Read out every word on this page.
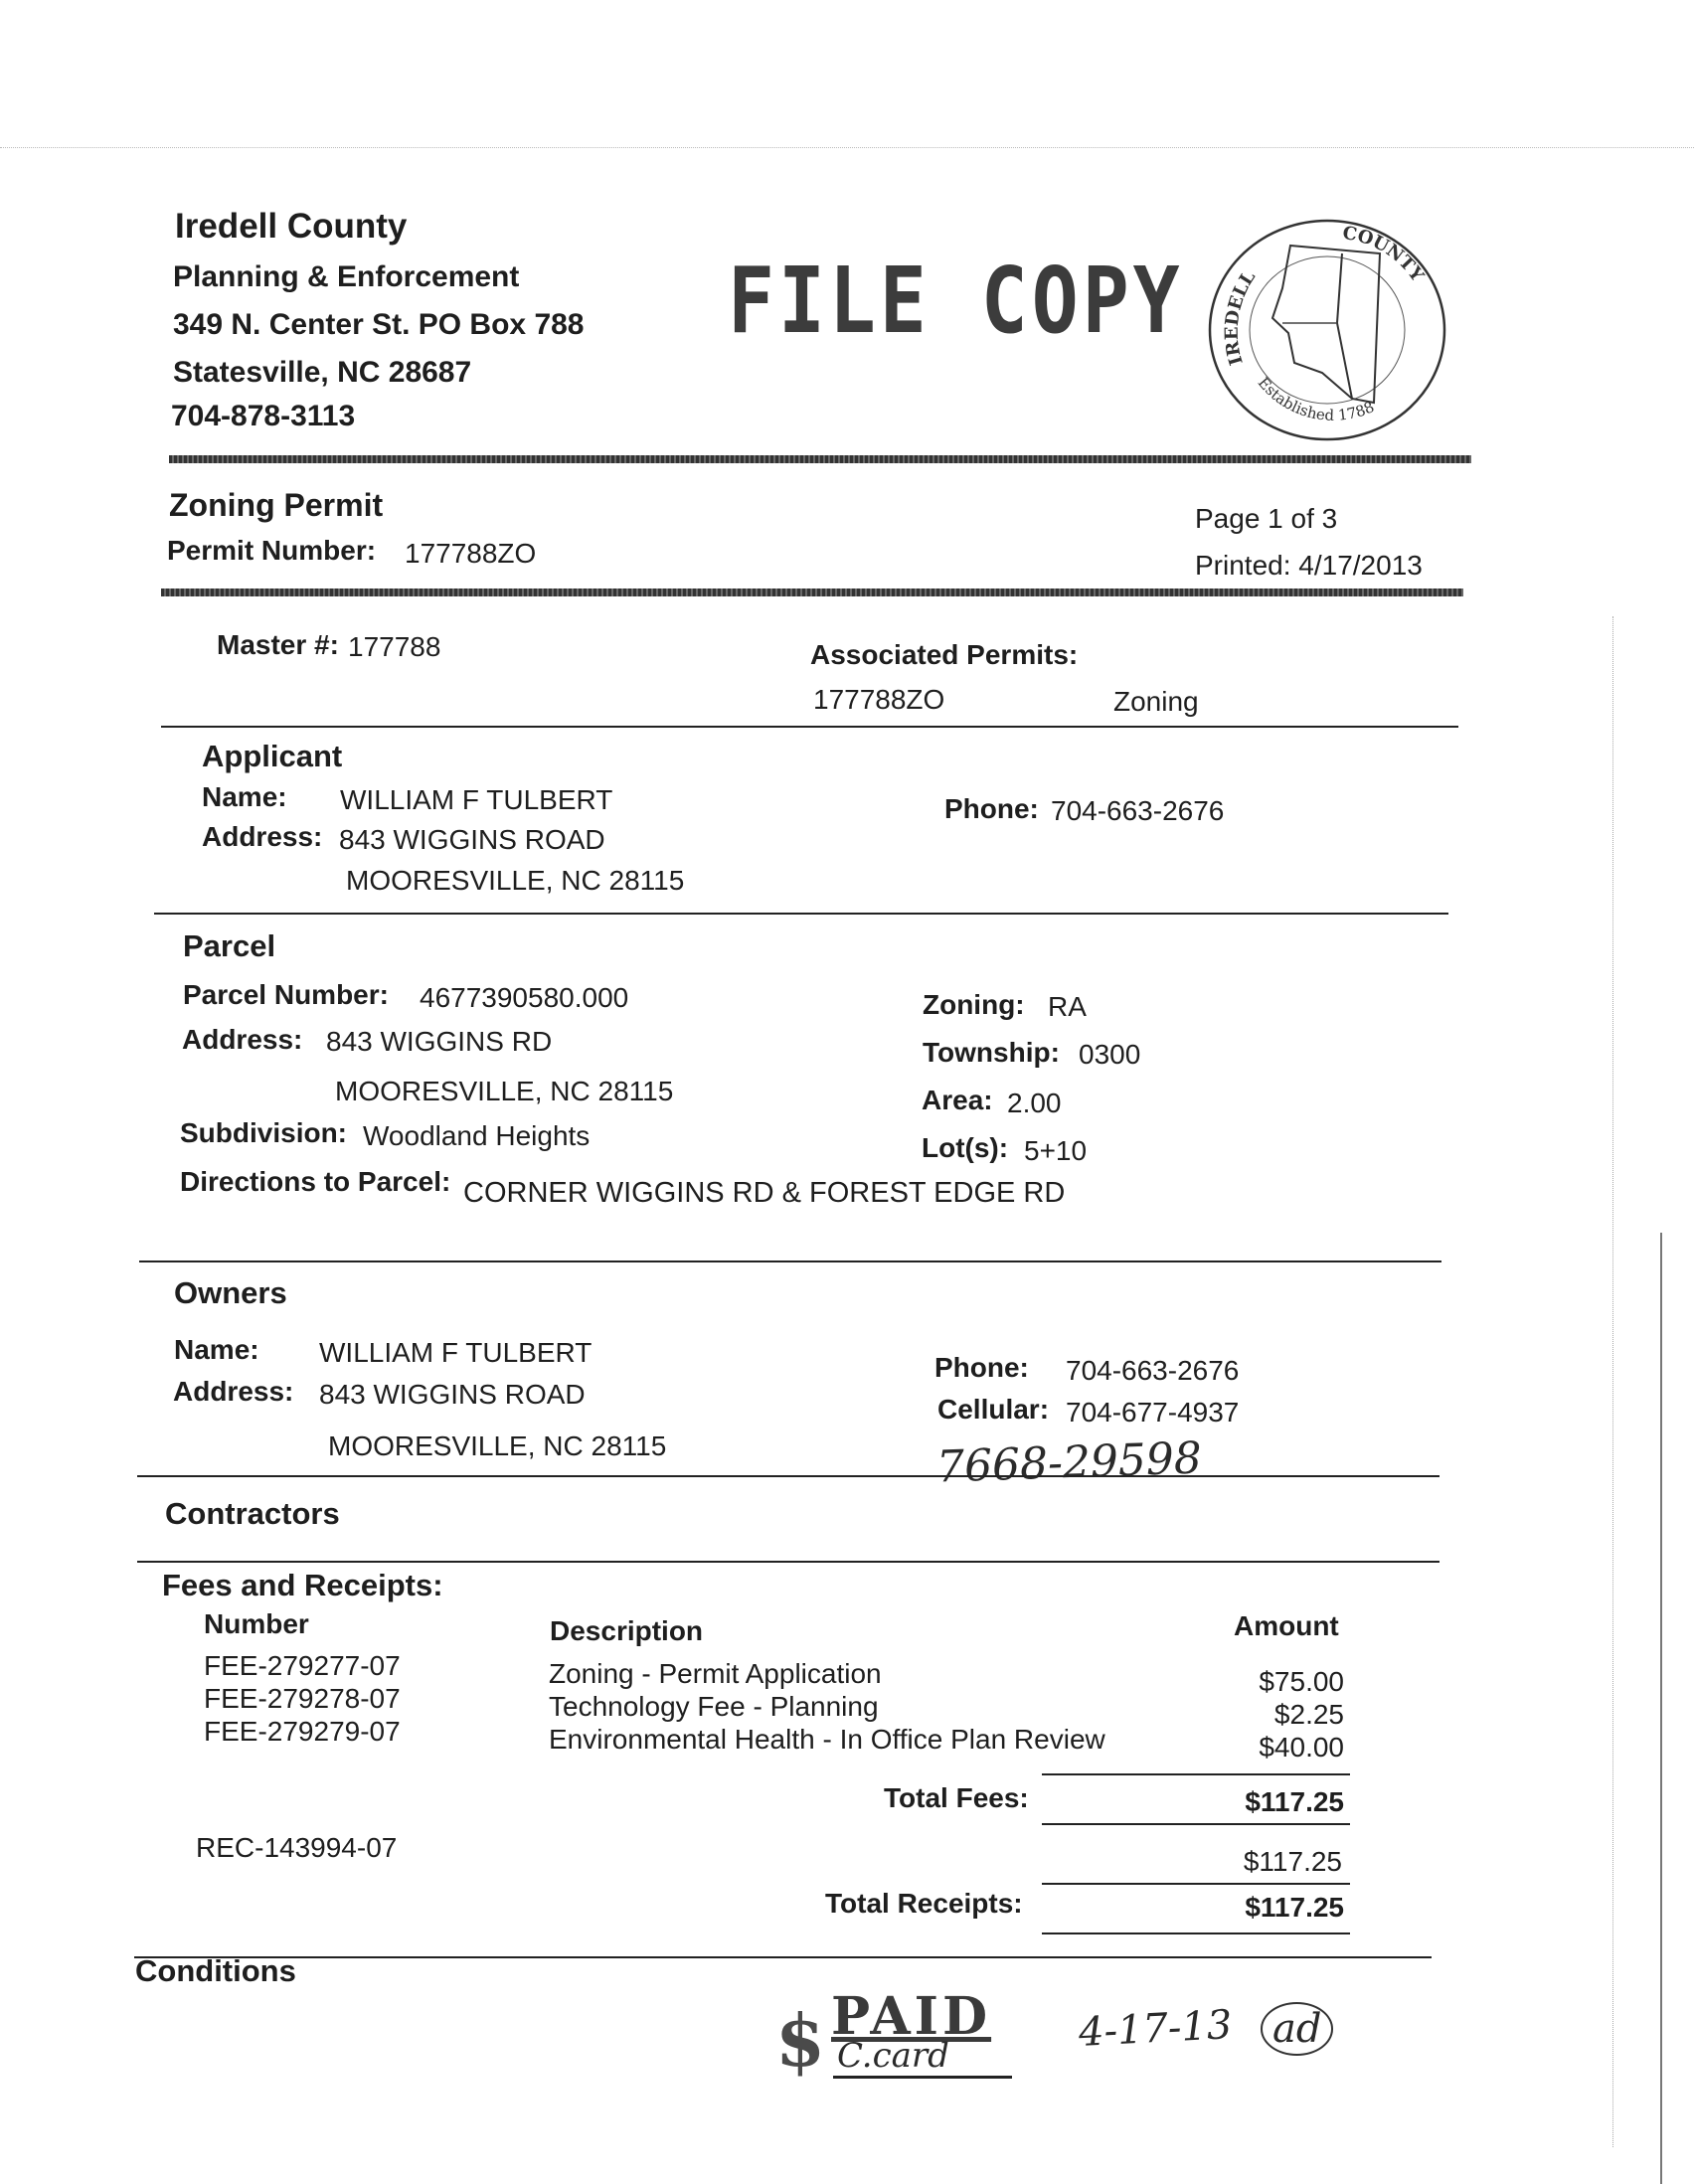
Iredell County
Planning & Enforcement
349 N. Center St. PO Box 788
Statesville, NC 28687
704-878-3113
FILE COPY
IREDELL
COUNTY
Established 1788
Zoning Permit
Permit Number: 177788ZO
Page 1 of 3
Printed: 4/17/2013
Master #: 177788	Associated Permits:
177788ZO	Zoning
Applicant
Name: WILLIAM F TULBERT
Address: 843 WIGGINS ROAD
MOORESVILLE, NC 28115
Phone: 704-663-2676
Parcel
Parcel Number: 4677390580.000
Address: 843 WIGGINS RD
MOORESVILLE, NC 28115
Subdivision: Woodland Heights
Directions to Parcel: CORNER WIGGINS RD & FOREST EDGE RD
Zoning: RA
Township: 0300
Area: 2.00
Lot(s): 5+10
Owners
Name: WILLIAM F TULBERT
Address: 843 WIGGINS ROAD
MOORESVILLE, NC 28115
Phone: 704-663-2676
Cellular: 704-677-4937
7668-29598
Contractors
Fees and Receipts:
Number	Description	Amount
FEE-279277-07	Zoning - Permit Application	$75.00
FEE-279278-07	Technology Fee - Planning	$2.25
FEE-279279-07	Environmental Health - In Office Plan Review	$40.00
Total Fees:	$117.25
REC-143994-07	$117.25
Total Receipts:	$117.25
Conditions
$ PAID
C.card	4-17-13 ad
